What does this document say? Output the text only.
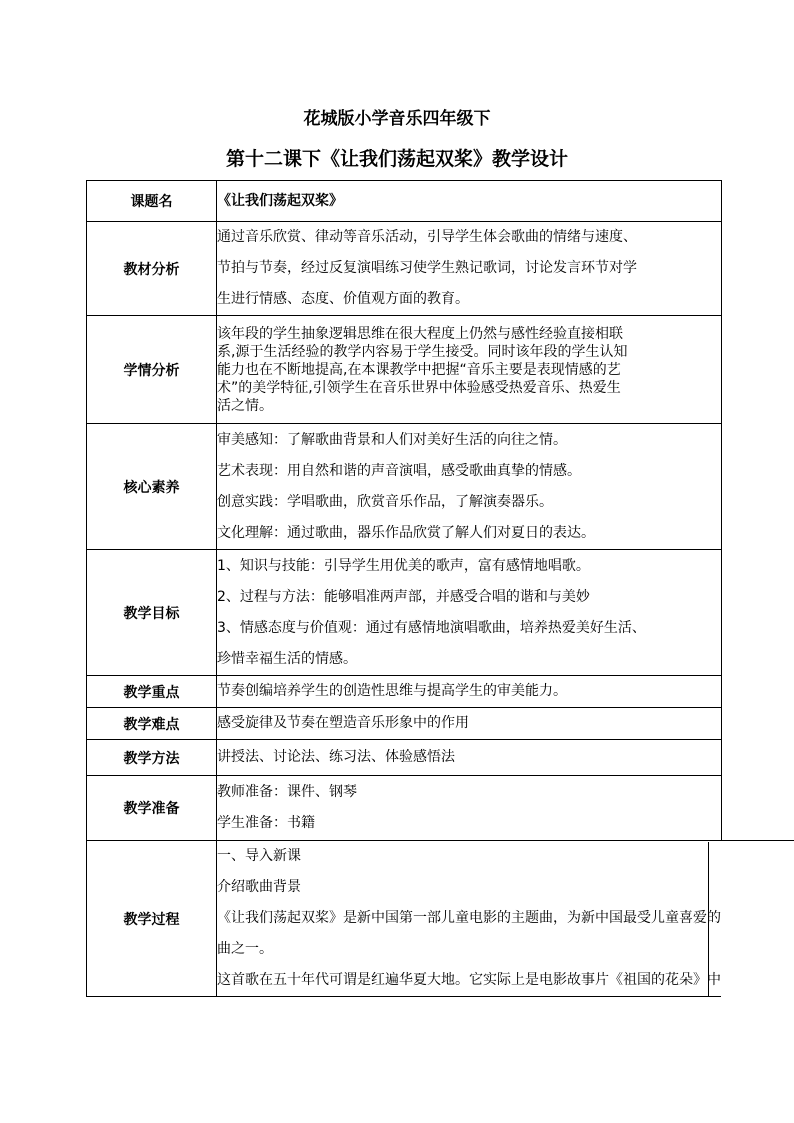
花城版小学音乐四年级下
第十二课下《让我们荡起双桨》教学设计
课题名	《让我们荡起双桨》
教材分析	通过音乐欣赏、律动等音乐活动，引导学生体会歌曲的情绪与速度、
节拍与节奏，经过反复演唱练习使学生熟记歌词，讨论发言环节对学
生进行情感、态度、价值观方面的教育。

学情分析	该年段的学生抽象逻辑思维在很大程度上仍然与感性经验直接相联
系,源于生活经验的教学内容易于学生接受。同时该年段的学生认知
能力也在不断地提高,在本课教学中把握“音乐主要是表现情感的艺
术”的美学特征,引领学生在音乐世界中体验感受热爱音乐、热爱生
活之情。

核心素养	审美感知：了解歌曲背景和人们对美好生活的向往之情。
艺术表现：用自然和谐的声音演唱，感受歌曲真挚的情感。
创意实践：学唱歌曲，欣赏音乐作品，了解演奏器乐。
文化理解：通过歌曲，器乐作品欣赏了解人们对夏日的表达。

教学目标	1、知识与技能：引导学生用优美的歌声，富有感情地唱歌。
2、过程与方法：能够唱准两声部，并感受合唱的谐和与美妙
3、情感态度与价值观：通过有感情地演唱歌曲，培养热爱美好生活、
珍惜幸福生活的情感。

教学重点	节奏创编培养学生的创造性思维与提高学生的审美能力。
教学难点	感受旋律及节奏在塑造音乐形象中的作用
教学方法	讲授法、讨论法、练习法、体验感悟法
教学准备	教师准备：课件、钢琴
学生准备：书籍

教学过程	一、导入新课
介绍歌曲背景
《让我们荡起双桨》是新中国第一部儿童电影的主题曲，为新中国最受儿童喜爱的
曲之一。
这首歌在五十年代可谓是红遍华夏大地。它实际上是电影故事片《祖国的花朵》中
